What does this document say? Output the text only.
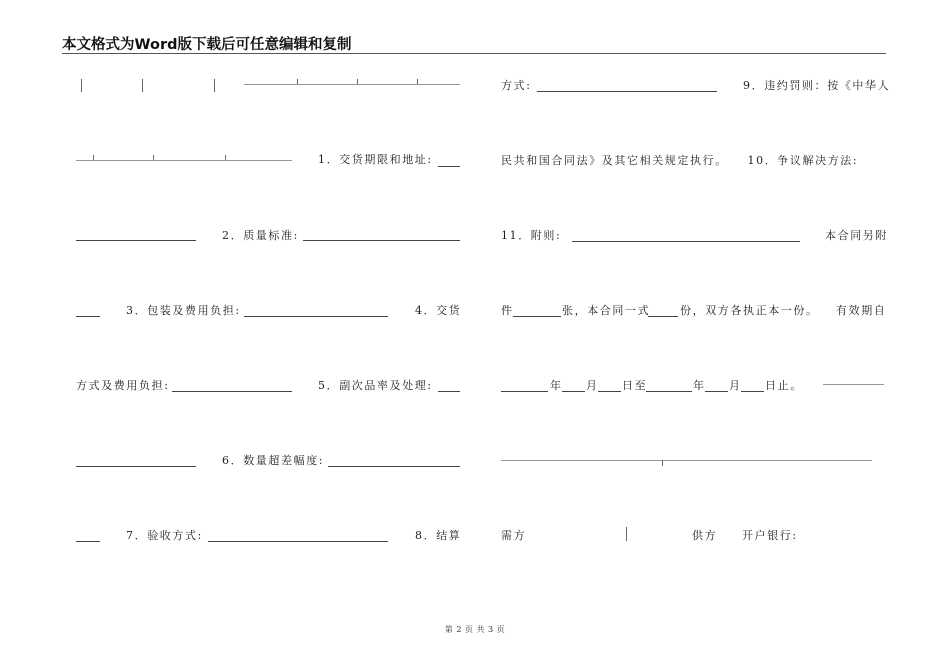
本文格式为Word版下载后可任意编辑和复制
1．交货期限和地址:
2．质量标准:
3．包装及费用负担:	4．交货
方式及费用负担:	5．副次品率及处理:
6．数量超差幅度:
7．验收方式:	8．结算
方式:	9．违约罚则：按《中华人
民共和国合同法》及其它相关规定执行。　　10．争议解决方法:
11．附则:	本合同另附
件	张，本合同一式	份，双方各执正本一份。 有效期自
年 月 日至	年 月 日止。
需方	供方 开户银行:
第 2 页 共 3 页
